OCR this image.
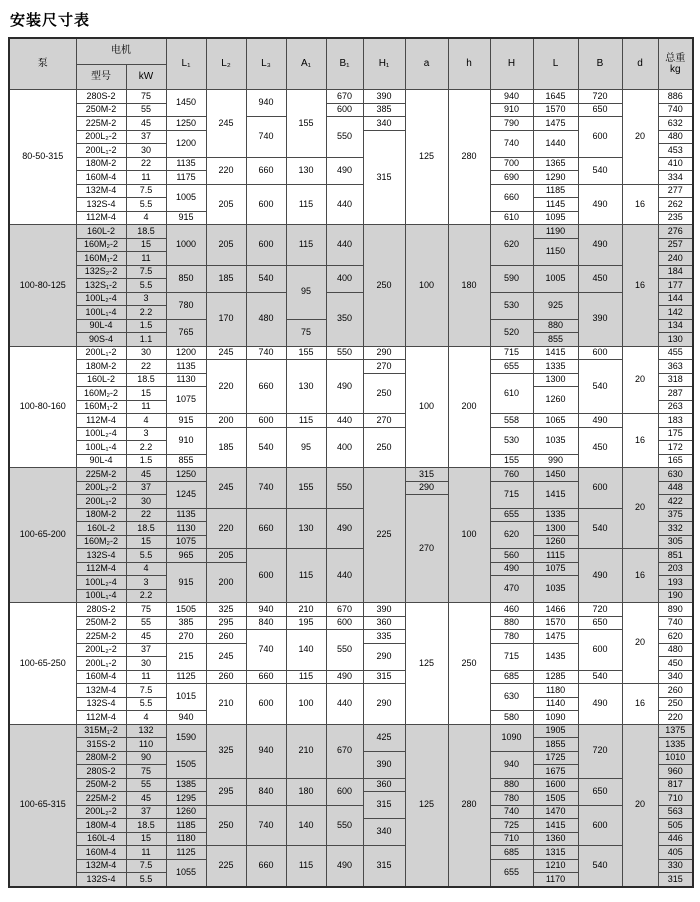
安装尺寸表
泵	电机		L₁	L₂	L₃	A₁	B₁	H₁	a	h	H	L	B	d	总重
kg
	型号	kW													
80-50-315	280S-2	75	1450	245	940	155	670	390	125	280	940	1645	720	20	886
	250M-2	55					600	385			910	1570	650		740
	225M-2	45	1250		740		550	340			790	1475	600		632
	200L₂-2	37	1200					315			740	1440			480
	200L₁-2	30													453
	180M-2	22	1135	220	660	130	490				700	1365	540		410
	160M-4	11	1175								690	1290			334
	132M-4	7.5	1005	205	600	115	440				660	1185	490	16	277
	132S-4	5.5										1145			262
	112M-4	4	915								610	1095			235
100-80-125	160L-2	18.5	1000	205	600	115	440	250	100	180	620	1190	490	16	276
	160M₂-2	15										1150			257
	160M₁-2	11													240
	132S₂-2	7.5	850	185	540	95	400				590	1005	450		184
	132S₁-2	5.5													177
	100L₂-4	3	780	170	480		350				530	925	390		144
	100L₁-4	2.2													142
	90L-4	1.5	765			75					520	880			134
	90S-4	1.1										855			130
100-80-160	200L₁-2	30	1200	245	740	155	550	290	100	200	715	1415	600	20	455
	180M-2	22	1135	220	660	130	490	270			655	1335	540		363
	160L-2	18.5	1130					250			610	1300			318
	160M₂-2	15	1075									1260			287
	160M₁-2	11													263
	112M-4	4	915	200	600	115	440	270			558	1065	490	16	183
	100L₂-4	3	910	185	540	95	400	250			530	1035	450		175
	100L₁-4	2.2													172
	90L-4	1.5	855								155	990			165
100-65-200	225M-2	45	1250	245	740	155	550	225	315	100	760	1450	600	20	630
	200L₂-2	37	1245						290		715	1415			448
	200L₁-2	30							270						422
	180M-2	22	1135	220	660	130	490				655	1335	540		375
	160L-2	18.5	1130								620	1300			332
	160M₂-2	15	1075									1260			305
	132S-4	5.5	965	205	600	115	440				560	1115	490	16	851
	112M-4	4	915	200							490	1075			203
	100L₂-4	3									470	1035			193
	100L₁-4	2.2													190
100-65-250	280S-2	75	1505	325	940	210	670	390	125	250	460	1466	720	20	890
	250M-2	55	385	295	840	195	600	360			880	1570	650		740
	225M-2	45	270	260	740	140	550	335			780	1475	600		620
	200L₂-2	37	215	245				290			715	1435			480
	200L₁-2	30													450
	160M-4	11	1125	260	660	115	490	315			685	1285	540		340
	132M-4	7.5	1015	210	600	100	440	290			630	1180	490	16	260
	132S-4	5.5										1140			250
	112M-4	4	940								580	1090			220
100-65-315	315M₁-2	132	1590	325	940	210	670	425	125	280	1090	1905	720	20	1375
	315S-2	110										1855			1335
	280M-2	90	1505					390			940	1725			1010
	280S-2	75										1675			960
	250M-2	55	1385	295	840	180	600	360			880	1600	650		817
	225M-2	45	1295					315			780	1505			710
	200L₂-2	37	1260	250	740	140	550				740	1470	600		563
	180M-4	18.5	1185					340			725	1415			505
	160L-4	15	1180								710	1360			446
	160M-4	11	1125	225	660	115	490	315			685	1315	540		405
	132M-4	7.5	1055								655	1210			330
	132S-4	5.5										1170			315
